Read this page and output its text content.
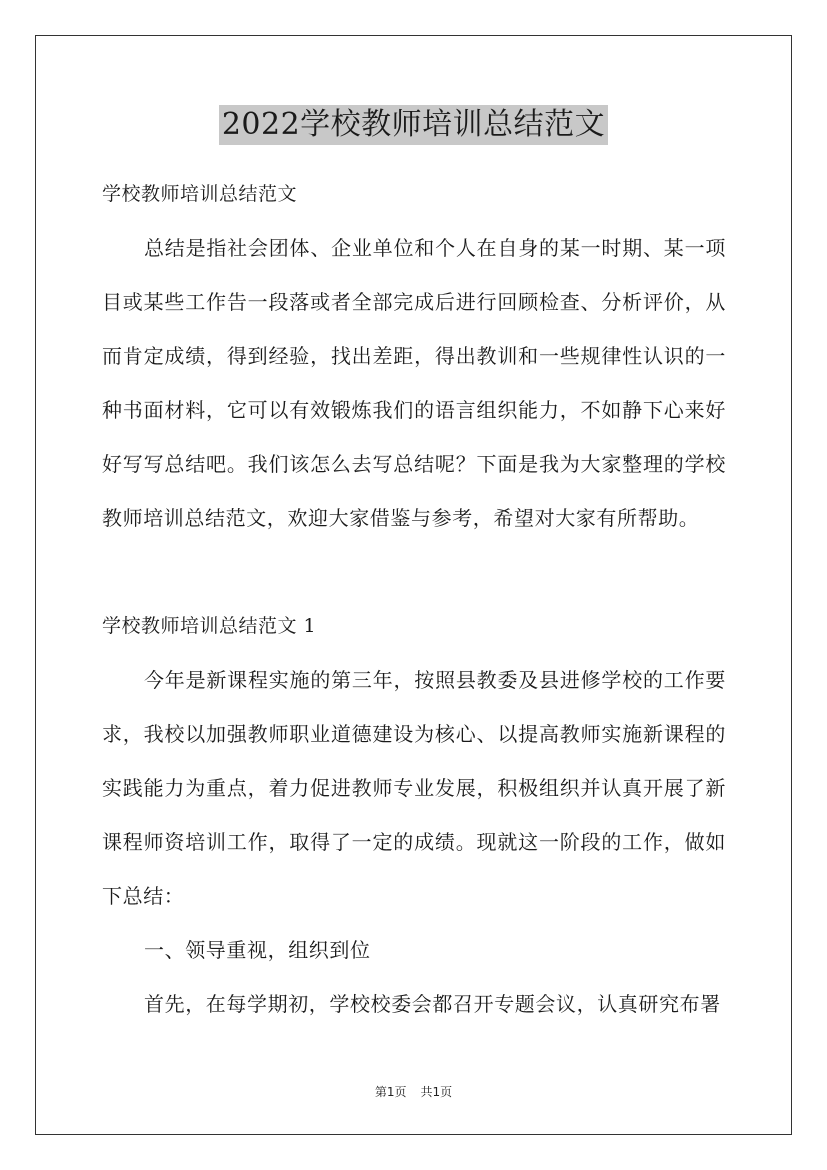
2022学校教师培训总结范文

学校教师培训总结范文

总结是指社会团体、企业单位和个人在自身的某一时期、某一项目或某些工作告一段落或者全部完成后进行回顾检查、分析评价，从而肯定成绩，得到经验，找出差距，得出教训和一些规律性认识的一种书面材料，它可以有效锻炼我们的语言组织能力，不如静下心来好好写写总结吧。我们该怎么去写总结呢？下面是我为大家整理的学校教师培训总结范文，欢迎大家借鉴与参考，希望对大家有所帮助。

学校教师培训总结范文 1

今年是新课程实施的第三年，按照县教委及县进修学校的工作要求，我校以加强教师职业道德建设为核心、以提高教师实施新课程的实践能力为重点，着力促进教师专业发展，积极组织并认真开展了新课程师资培训工作，取得了一定的成绩。现就这一阶段的工作，做如下总结：

一、领导重视，组织到位

首先，在每学期初，学校校委会都召开专题会议，认真研究布署

第1页 共1页
